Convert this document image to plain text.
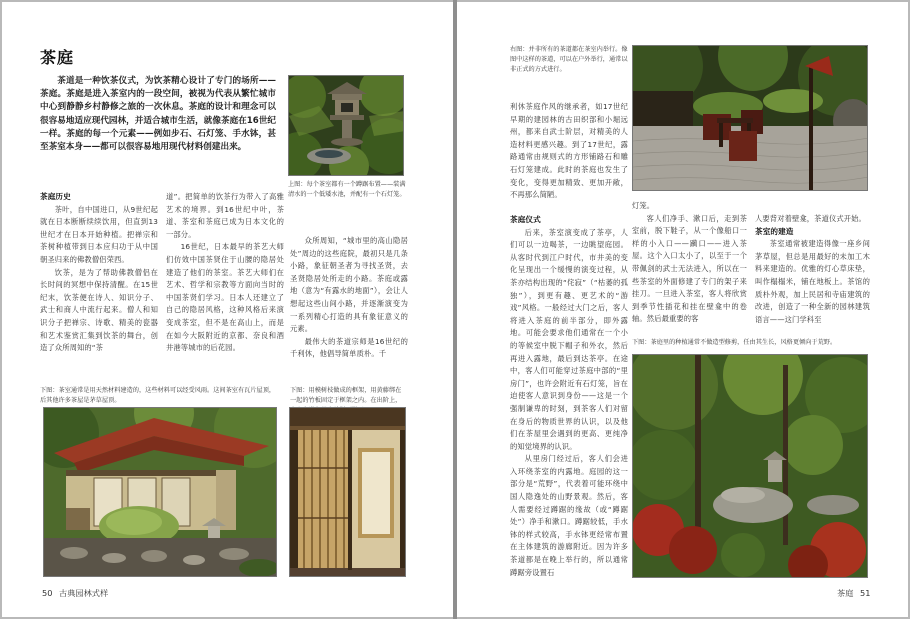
茶庭
茶道是一种饮茶仪式，为饮茶精心设计了专门的场所——茶庭。茶庭是进入茶室内的一段空间，被视为代表从繁忙城市中心到静静乡村静修之旅的一次休息。茶庭的设计和理念可以很容易地适应现代园林，并适合城市生活，就像茶庭在16世纪一样。茶庭的每一个元素——例如步石、石灯笼、手水钵，甚至茶室本身——都可以很容易地用现代材料创建出来。
上图：每个茶室都有一个蹲踞布置——装满清水的一个低矮水池，并配有一个石灯笼。

茶庭历史

茶叶，自中国进口，从9世纪起就在日本断断续续饮用，但直到13世纪才在日本开始种植。把禅宗和茶树种植带到日本应归功于从中国朝圣归来的佛教僧侣荣西。

饮茶，是为了帮助佛教僧侣在长时间的冥想中保持清醒。在15世纪末，饮茶便在诗人、知识分子、武士和商人中流行起来。僧人和知识分子把禅宗、诗歌、精美的瓷器和艺术鉴赏汇集到饮茶的舞台，创造了众所周知的“茶

道”。把简单的饮茶行为带入了高雅艺术的境界。到16世纪中叶，茶道、茶室和茶庭已成为日本文化的一部分。

16世纪，日本最早的茶艺大师们仿效中国茶贤住于山腰的隐居处建造了他们的茶室。茶艺大师们在艺术、哲学和宗教等方面向当时的中国茶贤们学习。日本人还建立了自己的隐居风格，这种风格后来演变成茶室，但不是在高山上，而是在如今大阪附近的京都、奈良和酒井港等城市的后花园。

众所周知，“城市里的高山隐居处”周边的这些庭院，最初只是几条小路，象征朝圣者为寻找圣贤，去圣贤隐居处所走的小路。茶庭或露地（意为“有露水的地面”），会让人想起这些山间小路，并逐渐演变为一系列精心打造的具有象征意义的元素。

最伟大的茶道宗师是16世纪的千利休，他倡导简单质朴。千

下图：茶室通常是用天然材料建造的，这些材料可以经受风雨。这间茶室有瓦片屋顶，后其他许多茶屋是茅草屋顶。
下图：用模树枝做成的框架，用黄藤绑在一起的竹板固定于框架之内。在出阶上，
50 古典园林式样
右图：并非所有的茶道都在茶室内举行。像图中这样的茶道，可以在户外举行，通常以非正式的方式进行。

利休茶庭作风的继承者，如17世纪早期的建园林的古田织部和小堀远州，都来自武士阶层，对精美的人造材料更感兴趣。到了17世纪，露路通常由规则式的方形铺路石和雕石灯笼建成。此时的茶庭也发生了变化，变得更加精致、更加开敞，不再那么简陋。

茶庭仪式

后来，茶室演变成了茶亭，人们可以一边喝茶，一边眺望庭园。从客时代到江户时代，市井美的变化呈现出一个缓慢的演变过程，从茶亦结构出现的“侘寂”（“枯萎的孤独”），到更有趣、更艺术的“游戏”风格。一般经过大门之后，客人将进入茶庭的前半部分，即外露地。可能会要求他们通常在一个小的等候室中脱下帽子和外衣，然后再进入露地，最后到达茶亭。在途中，客人们可能穿过茶庭中部的“里房门”，也许会附近有石灯笼，旨在迫使客人意识到身份——这是一个强制谦卑的时刻，到茶客人们对留在身后的物质世界的认识，以及他们在茶屋里会遇到的更高、更纯净的知觉境界的认识。

从里房门经过后，客人们会进入环绕茶室的内露地。庭园的这一部分是“荒野”，代表着可能环绕中国人隐逸处的山野景观。然后，客人需要经过蹲踞的缘故（或“蹲踞处”）净手和漱口。蹲踞较低，手水钵的样式较高，手水钵更经常布置在主体建筑的游廊附近。因为许多茶道都是在晚上举行的，所以通常蹲踞旁设置石

灯笼。

客人们净手、漱口后，走到茶室前，脱下鞋子，从一个像船口一样的小入口——躏口——进入茶屋。这个入口太小了，以至于一个带佩剑的武士无法进入，所以在一些茶室的外面修建了专门的架子来挂刀。一旦进入茶室，客人将欣赏到季节性插花和挂在壁龛中的卷轴。然后最重要的客

人要背对着壁龛，茶道仪式开始。

茶室的建造

茶室通常被建造得像一座乡间茅草屋，但总是用最好的未加工木料来建造的。优雅的灯心草床垫，叫作榻榻米，铺在地板上。茶馆的质朴外观，加上民居和寺庙建筑的改进，创造了一种全新的园林建筑语言——这门学科至

下图：茶庭里的种植通常不做造型修剪，任由其生长，风格更倾向于荒野。
茶庭 51
